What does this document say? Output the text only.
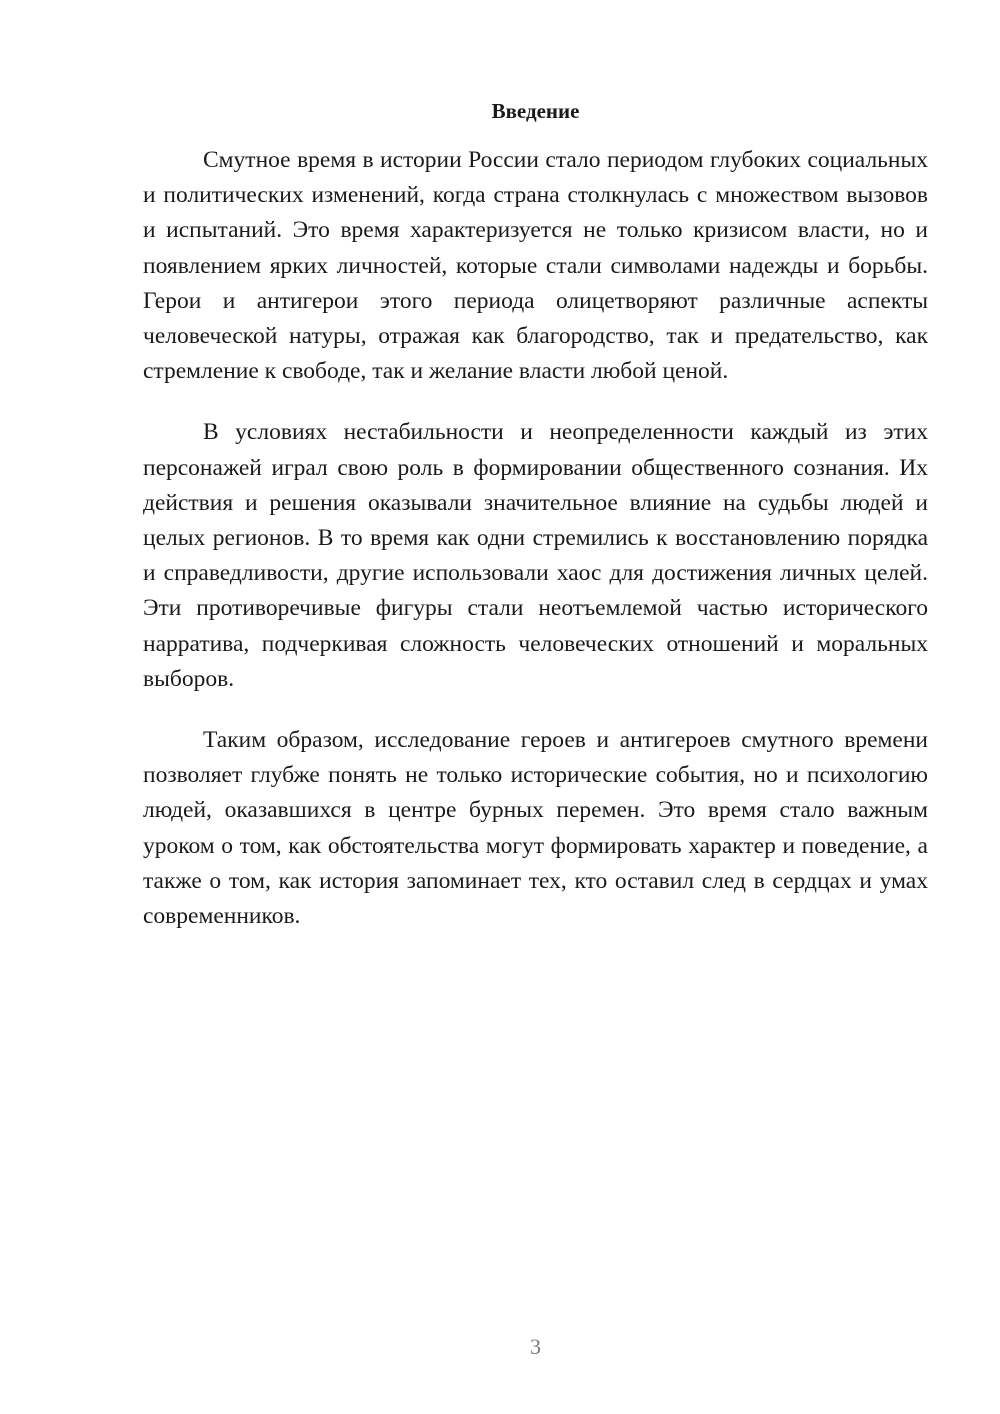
Введение

Смутное время в истории России стало периодом глубоких социальных и политических изменений, когда страна столкнулась с множеством вызовов и испытаний. Это время характеризуется не только кризисом власти, но и появлением ярких личностей, которые стали символами надежды и борьбы. Герои и антигерои этого периода олицетворяют различные аспекты человеческой натуры, отражая как благородство, так и предательство, как стремление к свободе, так и желание власти любой ценой.

В условиях нестабильности и неопределенности каждый из этих персонажей играл свою роль в формировании общественного сознания. Их действия и решения оказывали значительное влияние на судьбы людей и целых регионов. В то время как одни стремились к восстановлению порядка и справедливости, другие использовали хаос для достижения личных целей. Эти противоречивые фигуры стали неотъемлемой частью исторического нарратива, подчеркивая сложность человеческих отношений и моральных выборов.

Таким образом, исследование героев и антигероев смутного времени позволяет глубже понять не только исторические события, но и психологию людей, оказавшихся в центре бурных перемен. Это время стало важным уроком о том, как обстоятельства могут формировать характер и поведение, а также о том, как история запоминает тех, кто оставил след в сердцах и умах современников.

3
